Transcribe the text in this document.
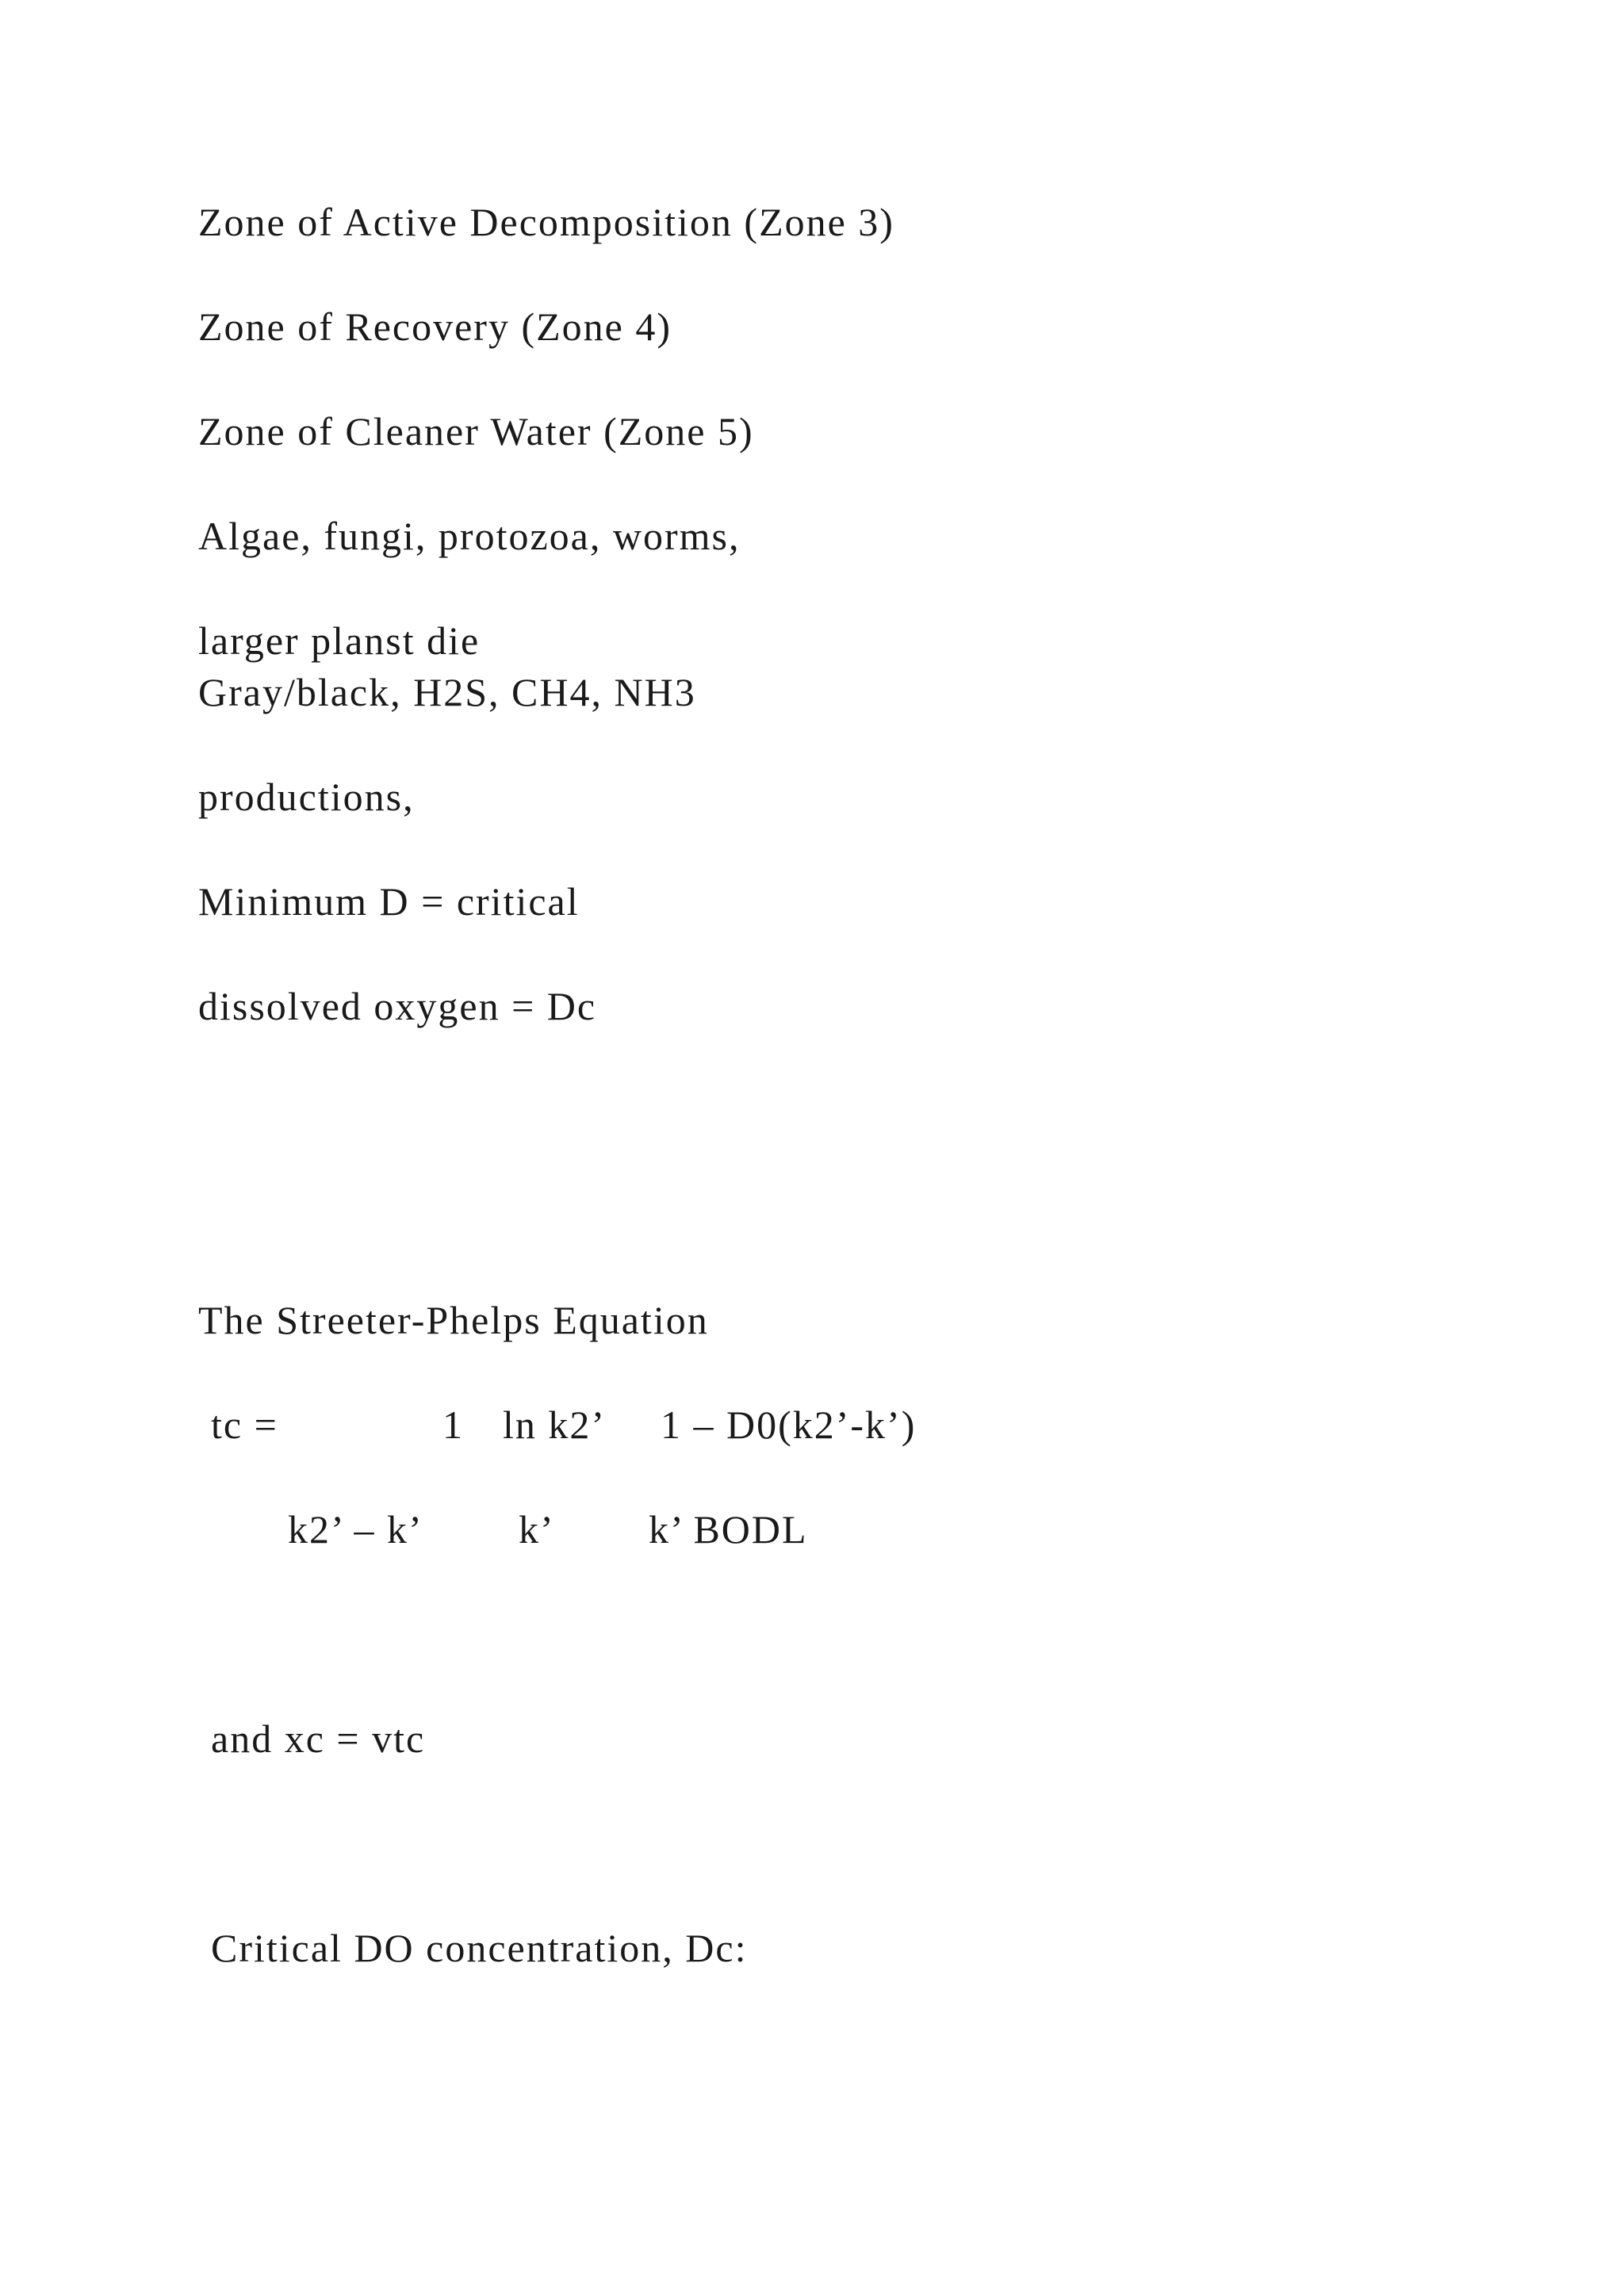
Zone of Active Decomposition (Zone 3)
Zone of Recovery (Zone 4)
Zone of Cleaner Water (Zone 5)
Algae, fungi, protozoa, worms,
larger planst die
Gray/black, H2S, CH4, NH3
productions,
Minimum D = critical
dissolved oxygen = Dc
The Streeter-Phelps Equation
tc =	1 ln k2’ 1 – D0(k2’-k’)
k2’ – k’ k’ k’ BODL
and xc = vtc
Critical DO concentration, Dc:
